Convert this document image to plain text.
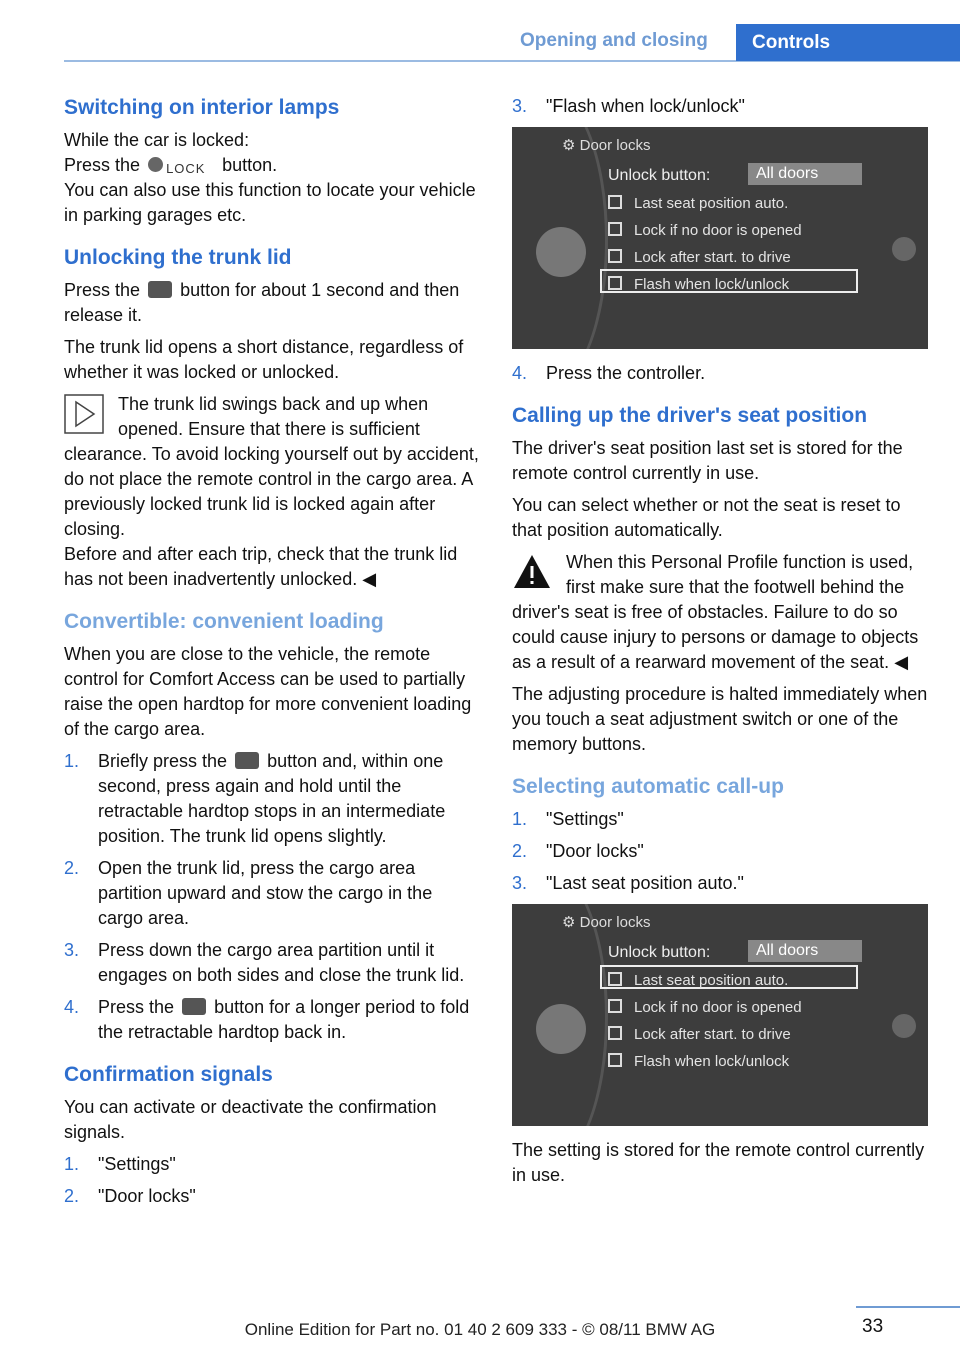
Opening and closing Controls
Switching on interior lamps

While the car is locked:
Press the LOCK button.
You can also use this function to locate your vehicle in parking garages etc.

Unlocking the trunk lid

Press the button for about 1 second and then release it.

The trunk lid opens a short distance, regardless of whether it was locked or unlocked.

The trunk lid swings back and up when opened. Ensure that there is sufficient clearance. To avoid locking yourself out by accident, do not place the remote control in the cargo area. A previously locked trunk lid is locked again after closing.
Before and after each trip, check that the trunk lid has not been inadvertently unlocked. ◀

Convertible: convenient loading

When you are close to the vehicle, the remote control for Comfort Access can be used to partially raise the open hardtop for more convenient loading of the cargo area.

1.	Briefly press the button and, within one second, press again and hold until the retractable hardtop stops in an intermediate position. The trunk lid opens slightly.
2.	Open the trunk lid, press the cargo area partition upward and stow the cargo in the cargo area.
3.	Press down the cargo area partition until it engages on both sides and close the trunk lid.
4.	Press the button for a longer period to fold the retractable hardtop back in.
Confirmation signals

You can activate or deactivate the confirmation signals.

1.	"Settings"
2.	"Door locks"
3.	"Flash when lock/unlock"
⚙ Door locks
Unlock button:	All doors
Last seat position auto.
Lock if no door is opened
Lock after start. to drive
Flash when lock/unlock
4.	Press the controller.
Calling up the driver's seat position

The driver's seat position last set is stored for the remote control currently in use.

You can select whether or not the seat is reset to that position automatically.

When this Personal Profile function is used, first make sure that the footwell behind the driver's seat is free of obstacles. Failure to do so could cause injury to persons or damage to objects as a result of a rearward movement of the seat. ◀

The adjusting procedure is halted immediately when you touch a seat adjustment switch or one of the memory buttons.

Selecting automatic call-up
1.	"Settings"
2.	"Door locks"
3.	"Last seat position auto."
⚙ Door locks
Unlock button:	All doors
Last seat position auto.
Lock if no door is opened
Lock after start. to drive
Flash when lock/unlock

The setting is stored for the remote control currently in use.

33
Online Edition for Part no. 01 40 2 609 333 - © 08/11 BMW AG
